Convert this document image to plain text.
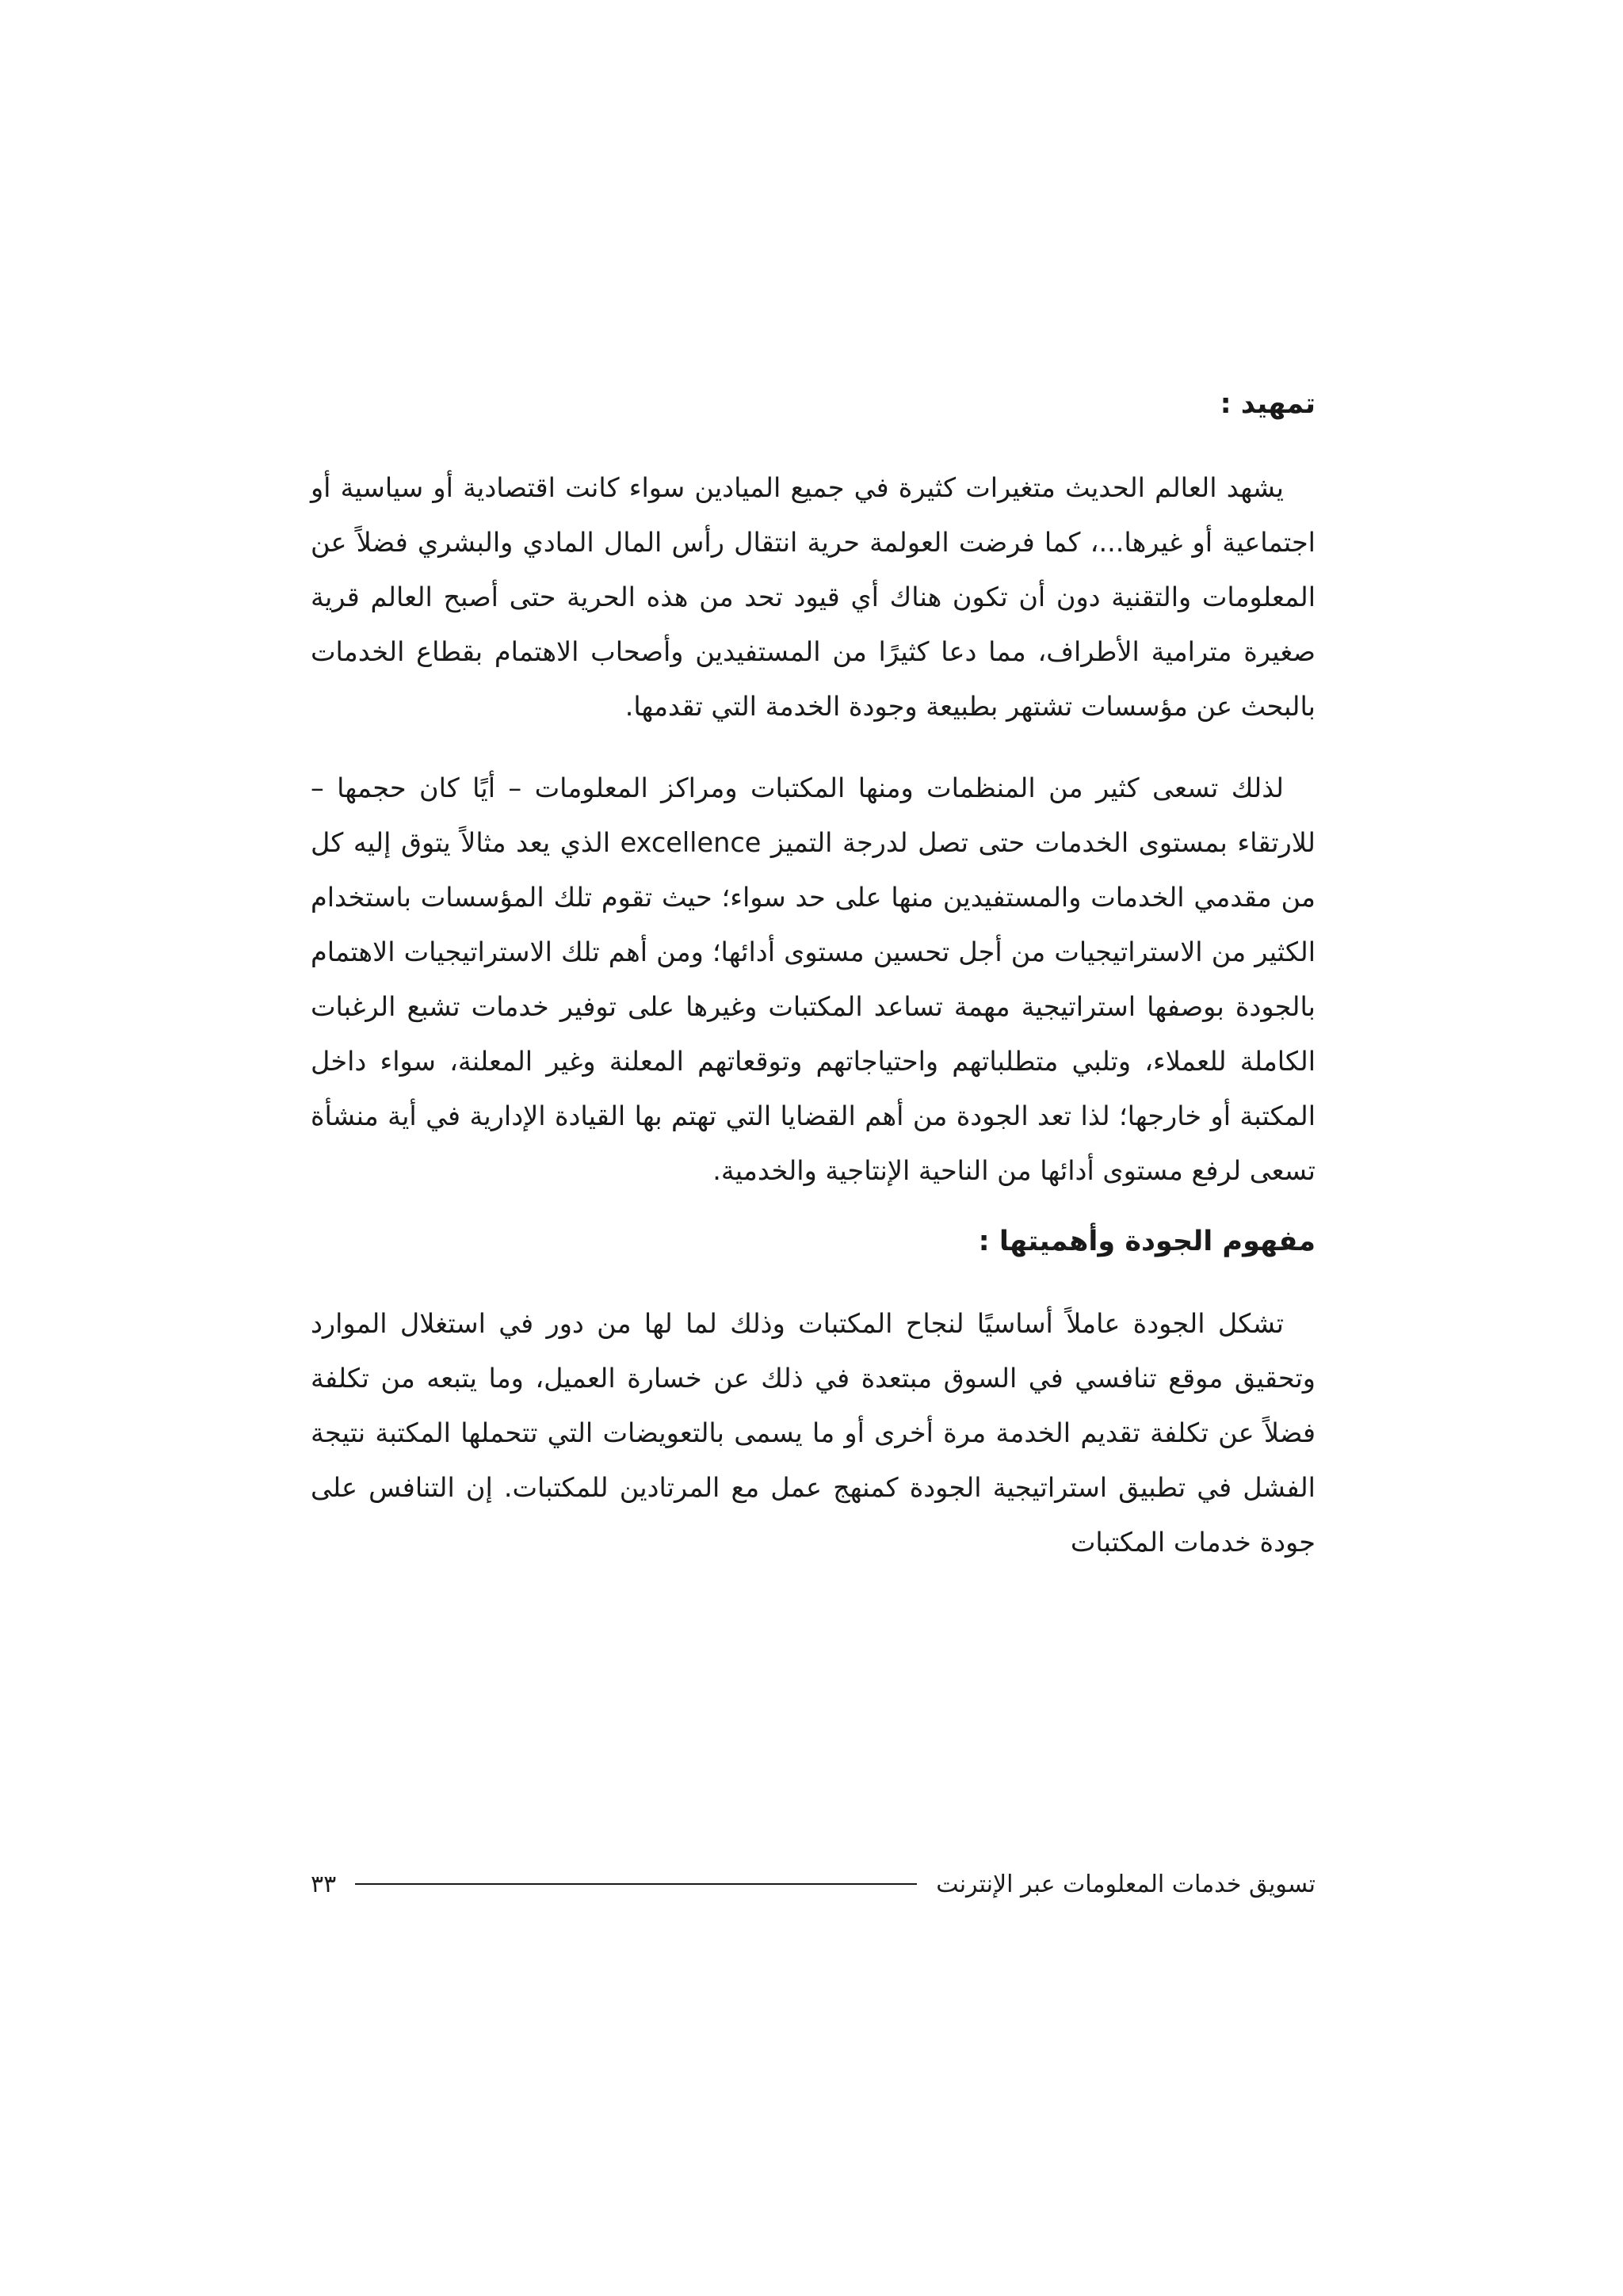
تمهيد :

يشهد العالم الحديث متغيرات كثيرة في جميع الميادين سواء كانت اقتصادية أو سياسية أو اجتماعية أو غيرها...، كما فرضت العولمة حرية انتقال رأس المال المادي والبشري فضلاً عن المعلومات والتقنية دون أن تكون هناك أي قيود تحد من هذه الحرية حتى أصبح العالم قرية صغيرة مترامية الأطراف، مما دعا كثيرًا من المستفيدين وأصحاب الاهتمام بقطاع الخدمات بالبحث عن مؤسسات تشتهر بطبيعة وجودة الخدمة التي تقدمها.

لذلك تسعى كثير من المنظمات ومنها المكتبات ومراكز المعلومات – أيًا كان حجمها – للارتقاء بمستوى الخدمات حتى تصل لدرجة التميز excellence الذي يعد مثالاً يتوق إليه كل من مقدمي الخدمات والمستفيدين منها على حد سواء؛ حيث تقوم تلك المؤسسات باستخدام الكثير من الاستراتيجيات من أجل تحسين مستوى أدائها؛ ومن أهم تلك الاستراتيجيات الاهتمام بالجودة بوصفها استراتيجية مهمة تساعد المكتبات وغيرها على توفير خدمات تشبع الرغبات الكاملة للعملاء، وتلبي متطلباتهم واحتياجاتهم وتوقعاتهم المعلنة وغير المعلنة، سواء داخل المكتبة أو خارجها؛ لذا تعد الجودة من أهم القضايا التي تهتم بها القيادة الإدارية في أية منشأة تسعى لرفع مستوى أدائها من الناحية الإنتاجية والخدمية.

مفهوم الجودة وأهميتها :

تشكل الجودة عاملاً أساسيًا لنجاح المكتبات وذلك لما لها من دور في استغلال الموارد وتحقيق موقع تنافسي في السوق مبتعدة في ذلك عن خسارة العميل، وما يتبعه من تكلفة فضلاً عن تكلفة تقديم الخدمة مرة أخرى أو ما يسمى بالتعويضات التي تتحملها المكتبة نتيجة الفشل في تطبيق استراتيجية الجودة كمنهج عمل مع المرتادين للمكتبات. إن التنافس على جودة خدمات المكتبات

تسويق خدمات المعلومات عبر الإنترنت
٣٣
